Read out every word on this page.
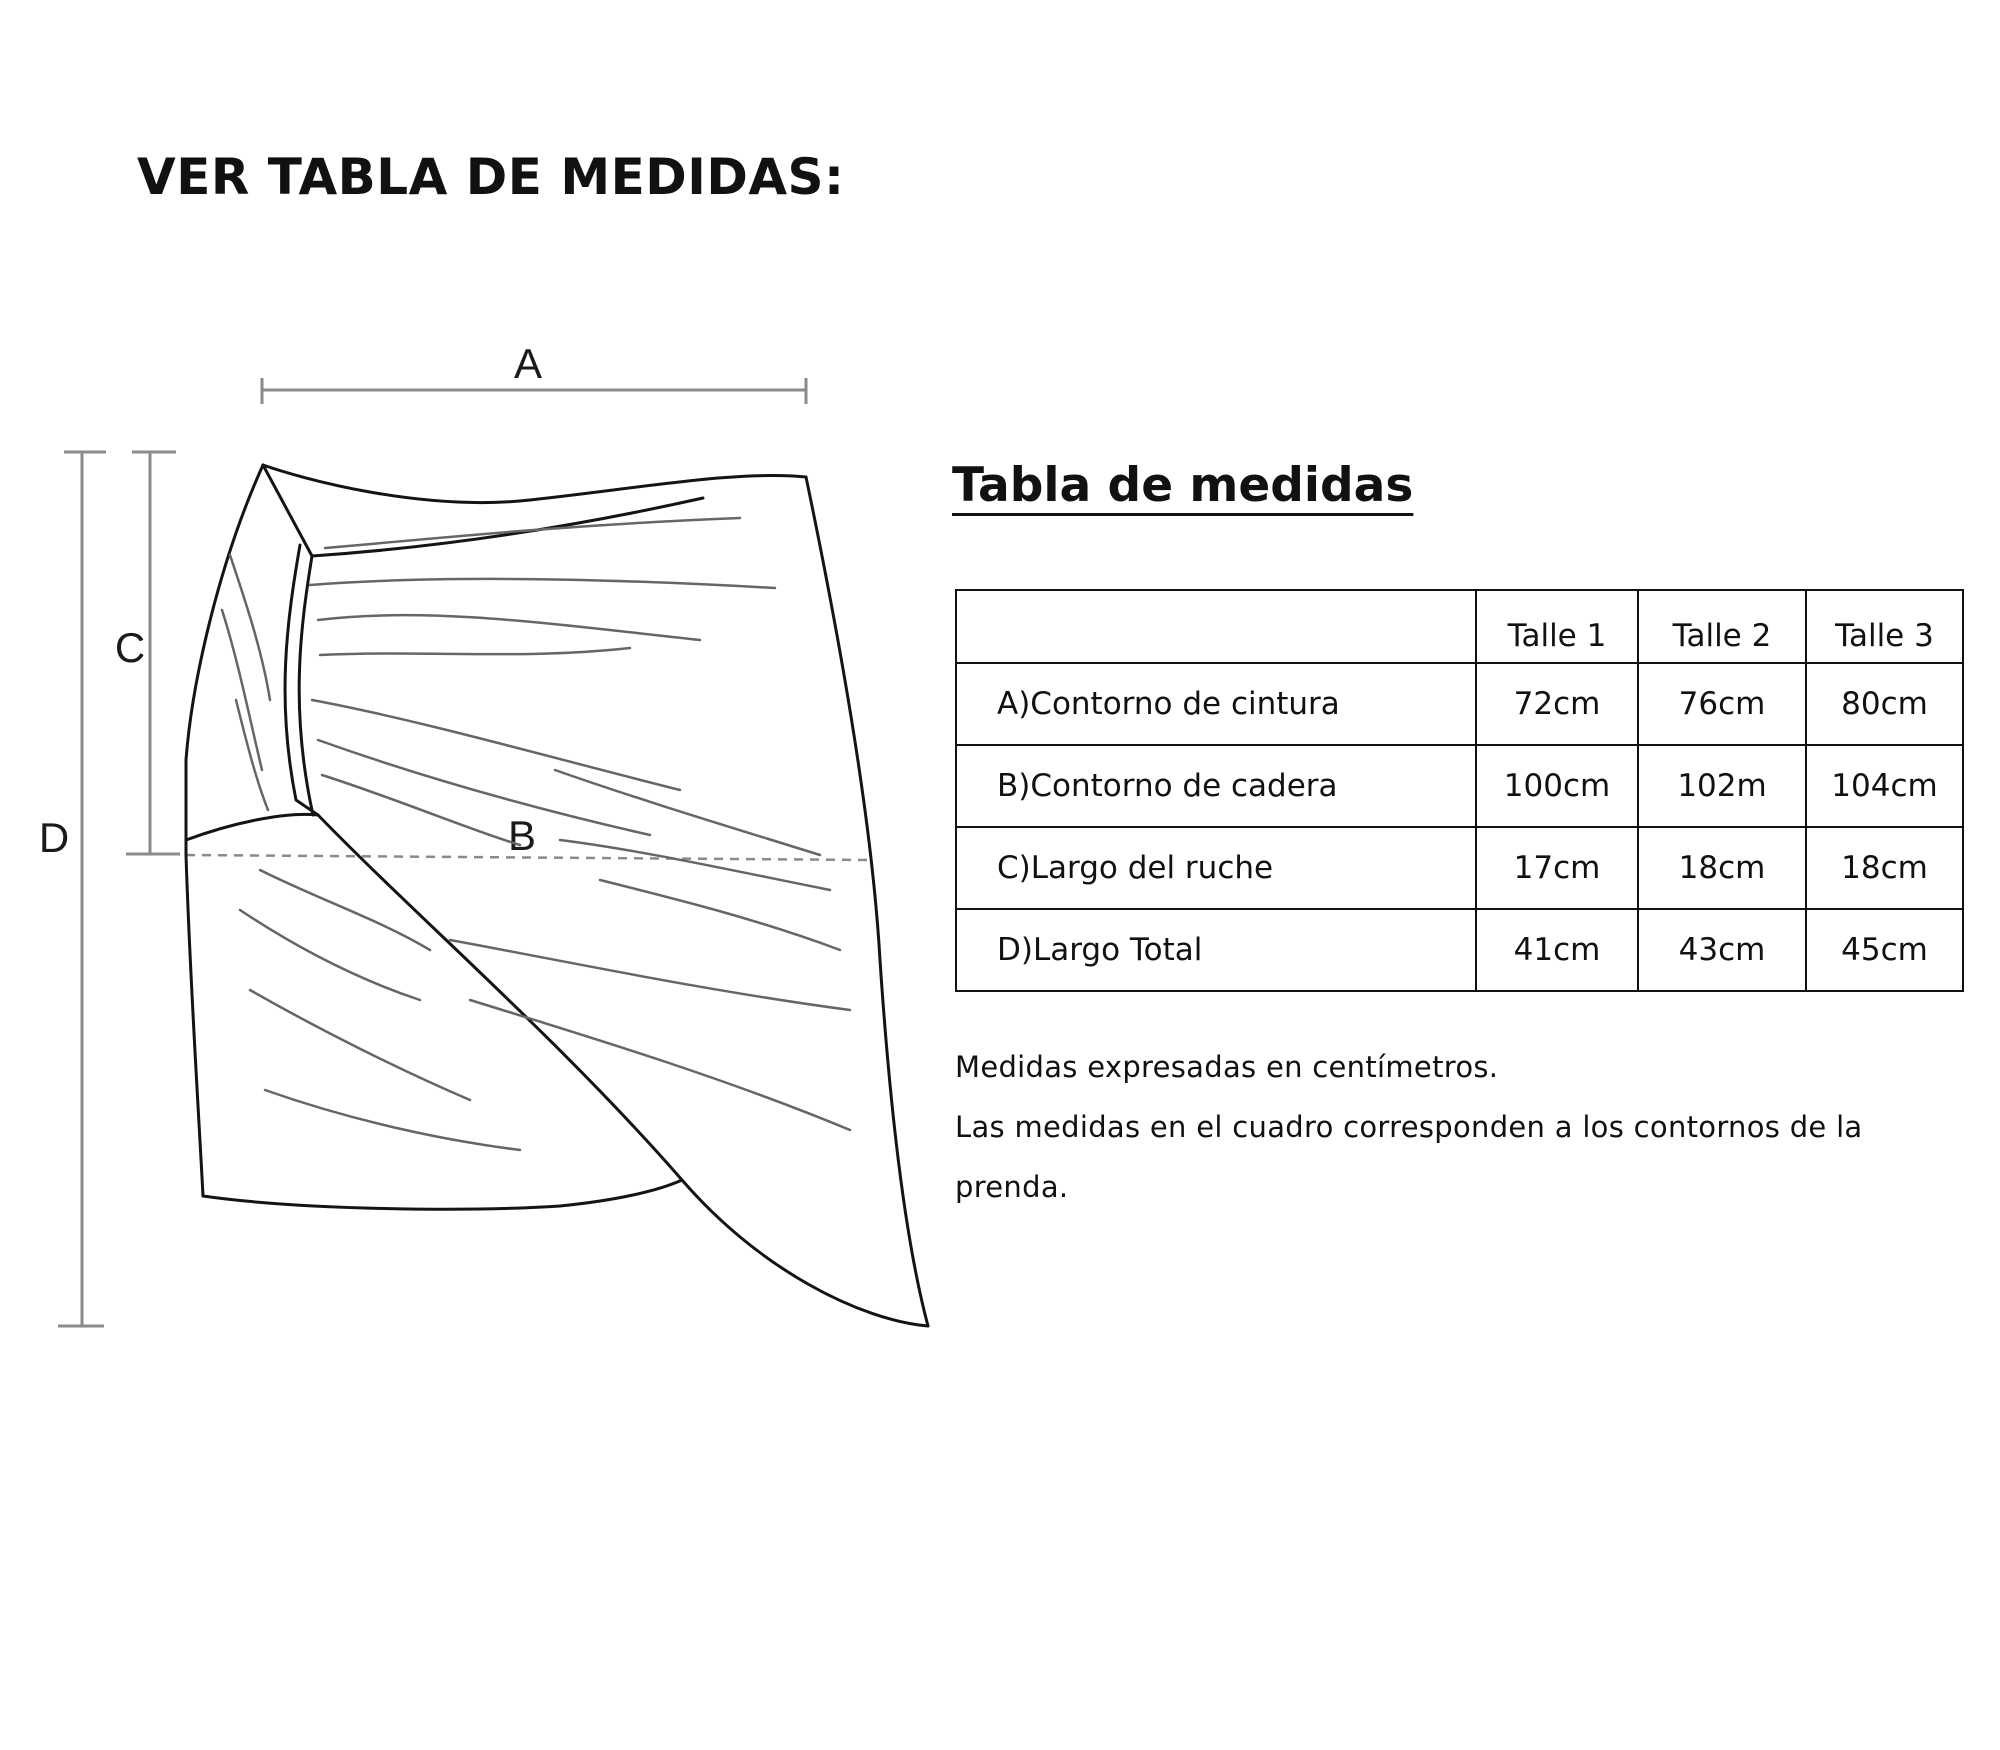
VER TABLA DE MEDIDAS:
A
C
D	B
Tabla de medidas
	Talle 1	Talle 2	Talle 3
A)Contorno de cintura	72cm	76cm	80cm
B)Contorno de cadera	100cm	102m	104cm
C)Largo del ruche	17cm	18cm	18cm
D)Largo Total	41cm	43cm	45cm

Medidas expresadas en centímetros.

Las medidas en el cuadro corresponden a los contornos de la prenda.
